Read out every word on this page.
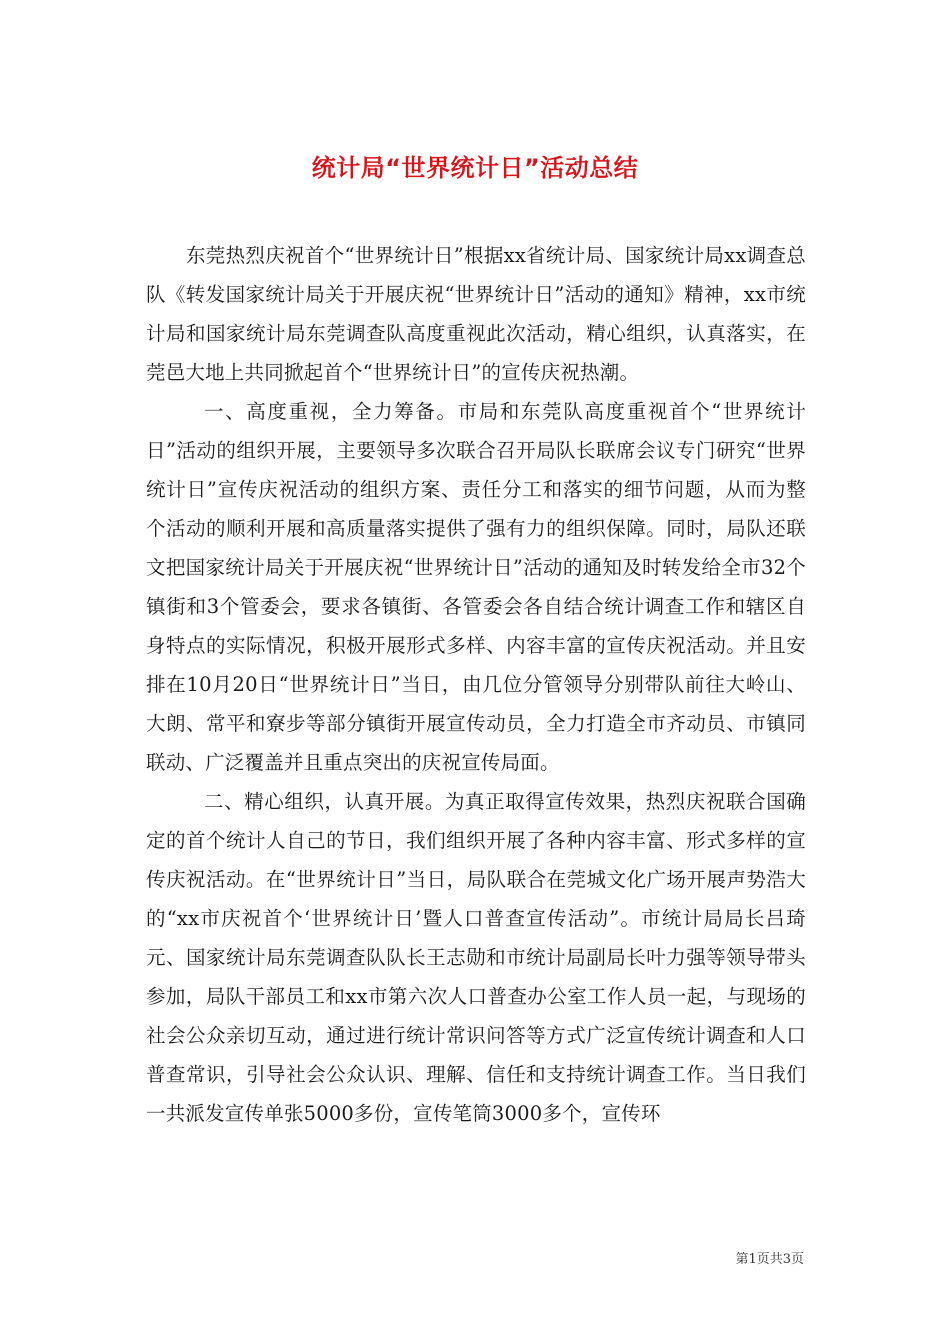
统计局“世界统计日”活动总结

东莞热烈庆祝首个“世界统计日”根据xx省统计局、国家统计局xx调查总队《转发国家统计局关于开展庆祝“世界统计日”活动的通知》精神，xx市统计局和国家统计局东莞调查队高度重视此次活动，精心组织，认真落实，在莞邑大地上共同掀起首个“世界统计日”的宣传庆祝热潮。

一、高度重视，全力筹备。市局和东莞队高度重视首个“世界统计日”活动的组织开展，主要领导多次联合召开局队长联席会议专门研究“世界统计日”宣传庆祝活动的组织方案、责任分工和落实的细节问题，从而为整个活动的顺利开展和高质量落实提供了强有力的组织保障。同时，局队还联文把国家统计局关于开展庆祝“世界统计日”活动的通知及时转发给全市32个镇街和3个管委会，要求各镇街、各管委会各自结合统计调查工作和辖区自身特点的实际情况，积极开展形式多样、内容丰富的宣传庆祝活动。并且安排在10月20日“世界统计日”当日，由几位分管领导分别带队前往大岭山、大朗、常平和寮步等部分镇街开展宣传动员，全力打造全市齐动员、市镇同联动、广泛覆盖并且重点突出的庆祝宣传局面。

二、精心组织，认真开展。为真正取得宣传效果，热烈庆祝联合国确定的首个统计人自己的节日，我们组织开展了各种内容丰富、形式多样的宣传庆祝活动。在“世界统计日”当日，局队联合在莞城文化广场开展声势浩大的“xx市庆祝首个‘世界统计日’暨人口普查宣传活动”。市统计局局长吕琦元、国家统计局东莞调查队队长王志勋和市统计局副局长叶力强等领导带头参加，局队干部员工和xx市第六次人口普查办公室工作人员一起，与现场的社会公众亲切互动，通过进行统计常识问答等方式广泛宣传统计调查和人口普查常识，引导社会公众认识、理解、信任和支持统计调查工作。当日我们一共派发宣传单张5000多份，宣传笔筒3000多个，宣传环

第1页共3页
